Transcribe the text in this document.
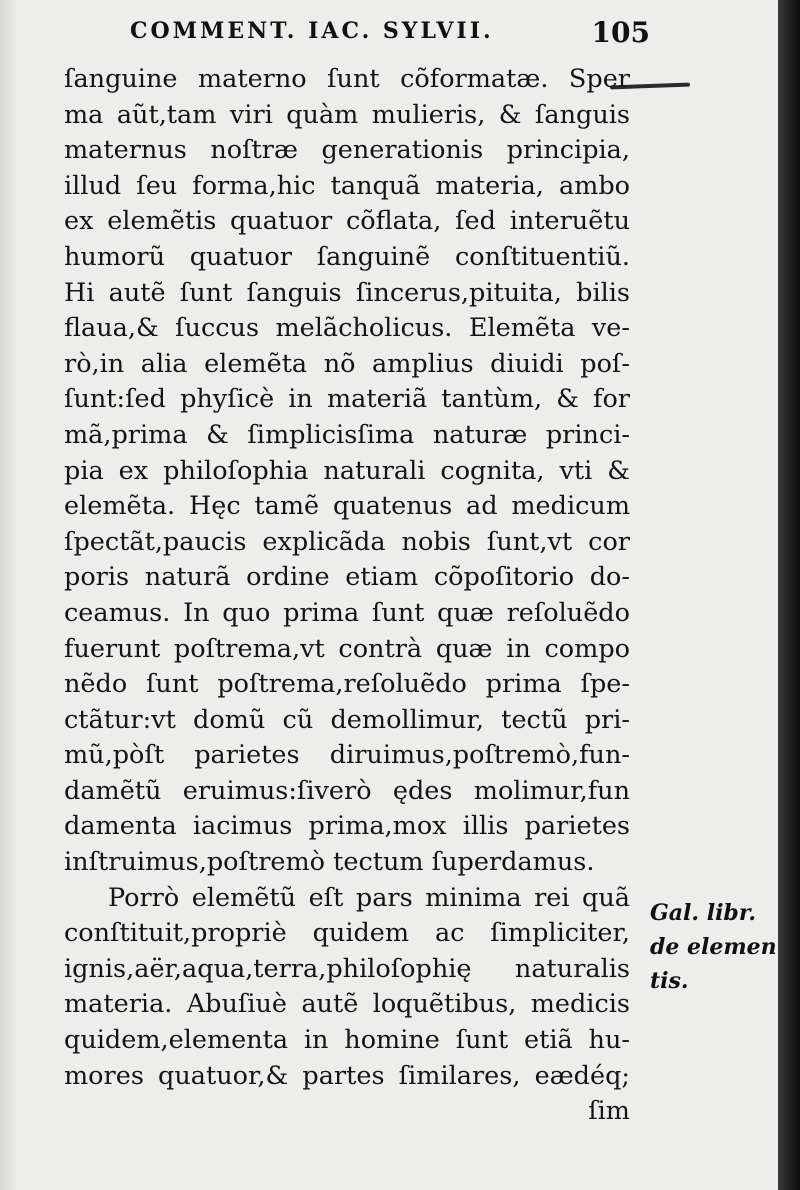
COMMENT. IAC. SYLVII.	105
ſanguine materno ſunt cõformatæ. Sper
ma aũt,tam viri quàm mulieris, & ſanguis
maternus noſtræ generationis principia,
illud ſeu forma,hic tanquã materia, ambo
ex elemẽtis quatuor cõflata, ſed interuẽtu
humorũ quatuor ſanguinẽ conſtituentiũ.
Hi autẽ ſunt ſanguis ſincerus,pituita, bilis
flaua,& ſuccus melãcholicus. Elemẽta ve-
rò,in alia elemẽta nõ amplius diuidi poſ-
ſunt:ſed phyſicè in materiã tantùm, & for
mã,prima & ſimplicisſima naturæ princi-
pia ex philoſophia naturali cognita, vti &
elemẽta. Hęc tamẽ quatenus ad medicum
ſpectãt,paucis explicãda nobis ſunt,vt cor
poris naturã ordine etiam cõpoſitorio do-
ceamus. In quo prima ſunt quæ reſoluẽdo
fuerunt poſtrema,vt contrà quæ in compo
nẽdo ſunt poſtrema,reſoluẽdo prima ſpe-
ctãtur:vt domũ cũ demollimur, tectũ pri-
mũ,pòſt parietes diruimus,poſtremò,fun-
damẽtũ eruimus:ſiverò ędes molimur,fun
damenta iacimus prima,mox illis parietes
inſtruimus,poſtremò tectum ſuperdamus.
Porrò elemẽtũ eſt pars minima rei quã
conſtituit,propriè quidem ac ſimpliciter,
ignis,aër,aqua,terra,philoſophię naturalis
materia. Abuſiuè autẽ loquẽtibus, medicis
quidem,elementa in homine ſunt etiã hu-
mores quatuor,& partes ſimilares, eædéq;
ſim
Gal. libr.
de elemen
tis.
